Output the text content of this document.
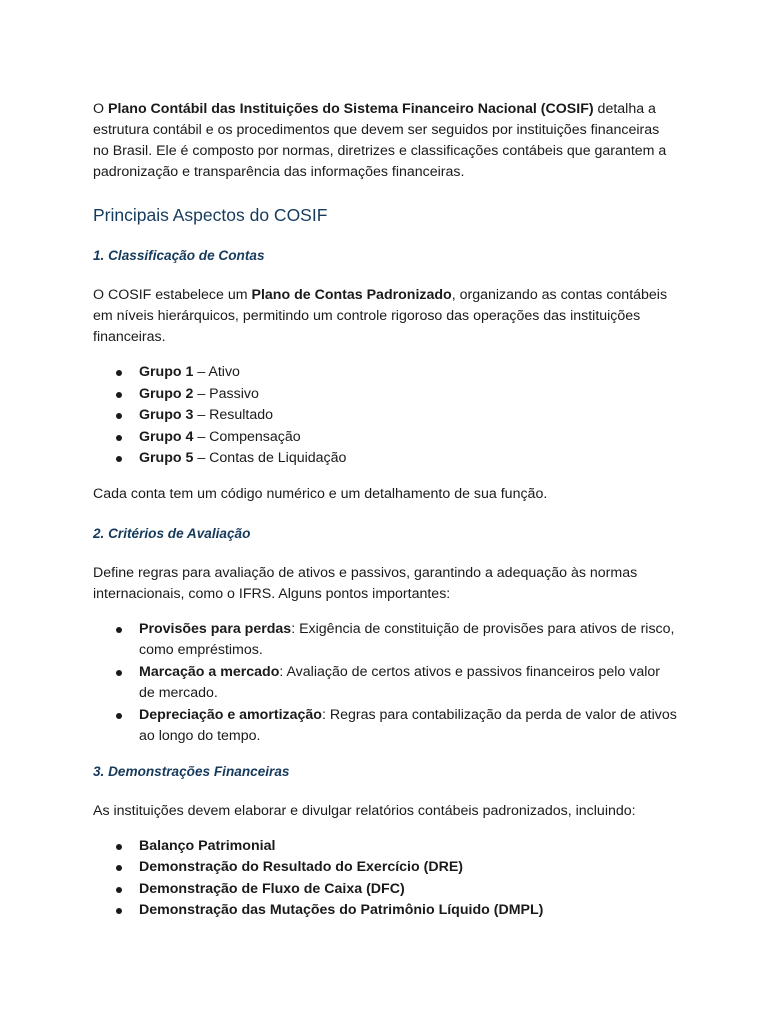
O Plano Contábil das Instituições do Sistema Financeiro Nacional (COSIF) detalha a estrutura contábil e os procedimentos que devem ser seguidos por instituições financeiras no Brasil. Ele é composto por normas, diretrizes e classificações contábeis que garantem a padronização e transparência das informações financeiras.

Principais Aspectos do COSIF
1. Classificação de Contas

O COSIF estabelece um Plano de Contas Padronizado, organizando as contas contábeis em níveis hierárquicos, permitindo um controle rigoroso das operações das instituições financeiras.

Grupo 1 – Ativo
Grupo 2 – Passivo
Grupo 3 – Resultado
Grupo 4 – Compensação
Grupo 5 – Contas de Liquidação

Cada conta tem um código numérico e um detalhamento de sua função.

2. Critérios de Avaliação

Define regras para avaliação de ativos e passivos, garantindo a adequação às normas internacionais, como o IFRS. Alguns pontos importantes:

Provisões para perdas: Exigência de constituição de provisões para ativos de risco, como empréstimos.
Marcação a mercado: Avaliação de certos ativos e passivos financeiros pelo valor de mercado.
Depreciação e amortização: Regras para contabilização da perda de valor de ativos ao longo do tempo.
3. Demonstrações Financeiras

As instituições devem elaborar e divulgar relatórios contábeis padronizados, incluindo:

Balanço Patrimonial
Demonstração do Resultado do Exercício (DRE)
Demonstração de Fluxo de Caixa (DFC)
Demonstração das Mutações do Patrimônio Líquido (DMPL)
